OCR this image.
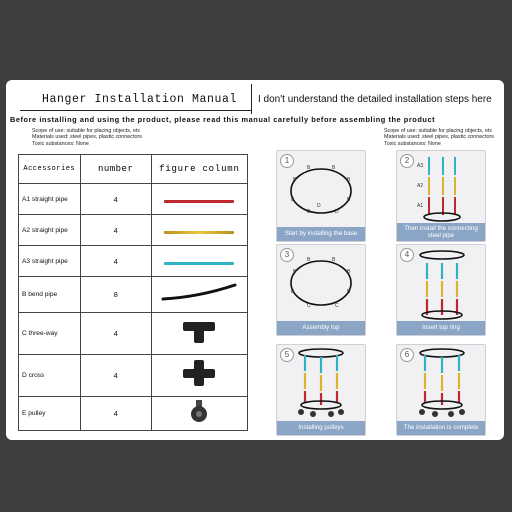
Hanger Installation Manual I don't understand the detailed installation steps here
Before installing and using the product, please read this manual carefully before assembling the product
Scope of use: suitable for placing objects, etc
Materials used: steel pipes, plastic connectors
Toxic substances: None
Scope of use: suitable for placing objects, etc
Materials used: steel pipes, plastic connectors
Toxic substances: None
Accessories	number	figure column
A1 straight pipe	4	
A2 straight pipe	4	
A3 straight pipe	4	
B bend pipe	8	
C three-way	4	
D cross	4	
E pulley	4	
1
B	B
B	B
B	B
D
D
D
Start by installing the base
2
A3
A2
A1
Then install the connecting steel pipe
3
B	B
B	B
B	B
C	C
Assembly top
4
Insert top ring
5
Installing pulleys
6
The installation is complete
